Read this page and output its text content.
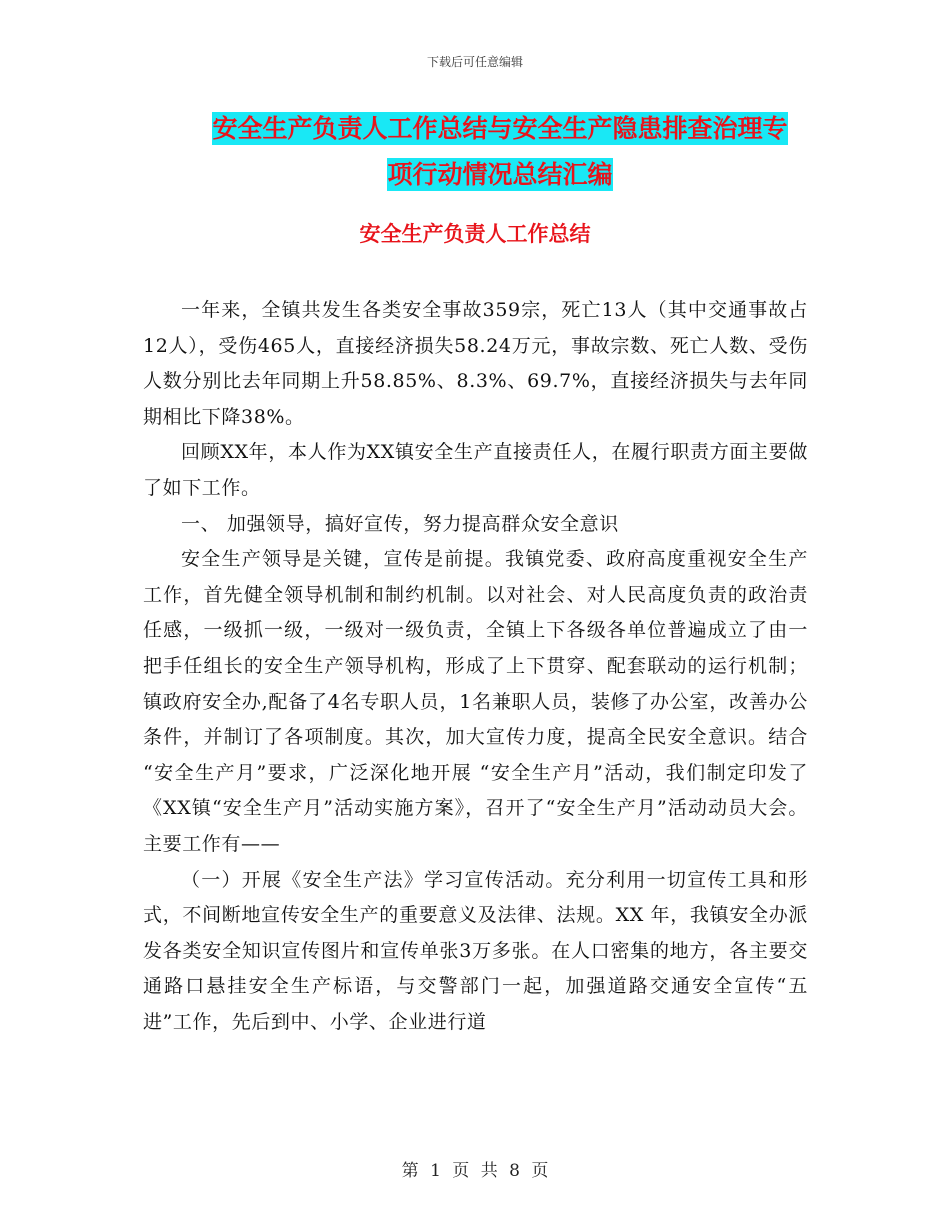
下载后可任意编辑
安全生产负责人工作总结与安全生产隐患排查治理专
项行动情况总结汇编
安全生产负责人工作总结

一年来，全镇共发生各类安全事故359宗，死亡13人（其中交通事故占12人），受伤465人，直接经济损失58.24万元，事故宗数、死亡人数、受伤人数分别比去年同期上升58.85%、8.3%、69.7%，直接经济损失与去年同期相比下降38%。

回顾XX年，本人作为XX镇安全生产直接责任人，在履行职责方面主要做了如下工作。

一、 加强领导，搞好宣传，努力提高群众安全意识

安全生产领导是关键，宣传是前提。我镇党委、政府高度重视安全生产工作，首先健全领导机制和制约机制。以对社会、对人民高度负责的政治责任感，一级抓一级，一级对一级负责，全镇上下各级各单位普遍成立了由一把手任组长的安全生产领导机构，形成了上下贯穿、配套联动的运行机制；镇政府安全办,配备了4名专职人员，1名兼职人员，装修了办公室，改善办公条件，并制订了各项制度。其次，加大宣传力度，提高全民安全意识。结合 “安全生产月”要求，广泛深化地开展 “安全生产月”活动，我们制定印发了《XX镇“安全生产月”活动实施方案》，召开了“安全生产月”活动动员大会。主要工作有——

（一）开展《安全生产法》学习宣传活动。充分利用一切宣传工具和形式，不间断地宣传安全生产的重要意义及法律、法规。XX 年，我镇安全办派发各类安全知识宣传图片和宣传单张3万多张。在人口密集的地方，各主要交通路口悬挂安全生产标语，与交警部门一起，加强道路交通安全宣传“五进”工作，先后到中、小学、企业进行道

第 1 页 共 8 页
